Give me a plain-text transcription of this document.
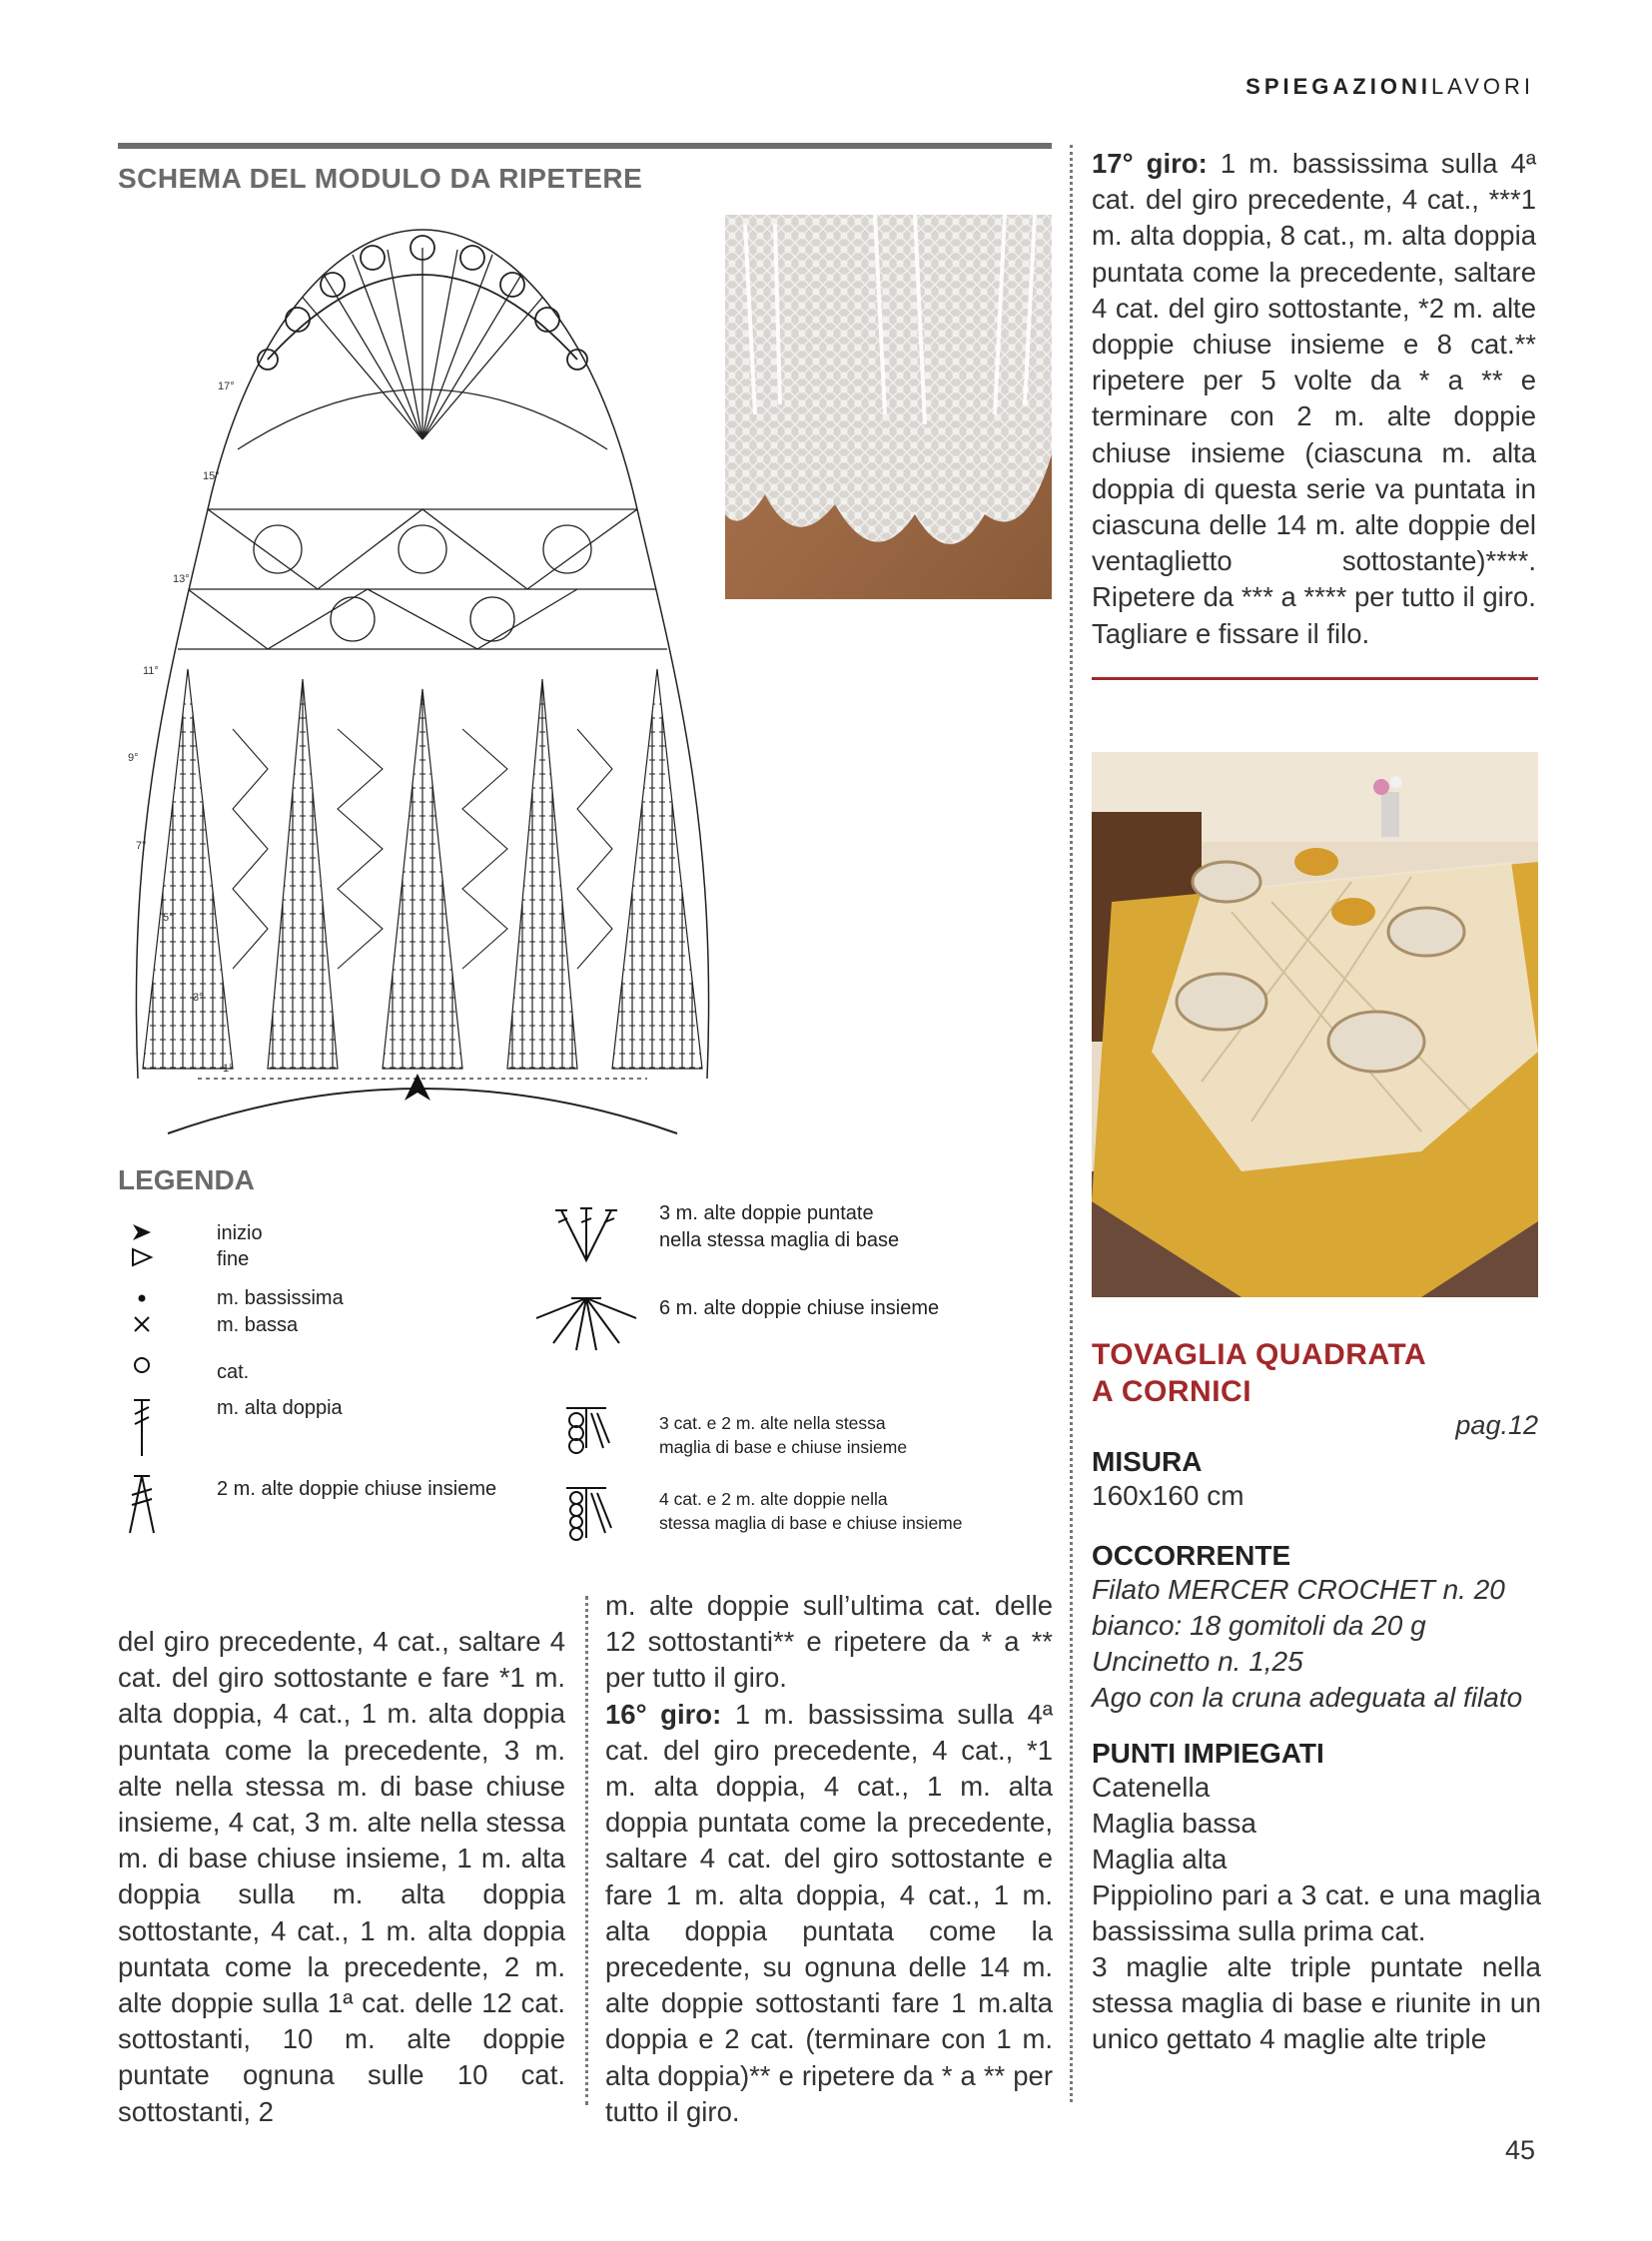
SPIEGAZIONILAVORI
SCHEMA DEL MODULO DA RIPETERE
17°
15°
13°
11°
9°
7°
5°
3°
1°
17° giro: 1 m. bassissima sulla 4ª cat. del giro precedente, 4 cat., ***1 m. alta doppia, 8 cat., m. alta doppia puntata come la precedente, saltare 4 cat. del giro sottostante, *2 m. alte doppie chiuse insieme e 8 cat.** ripetere per 5 volte da * a ** e terminare con 2 m. alte doppie chiuse insieme (ciascuna m. alta doppia di questa serie va puntata in ciascuna delle 14 m. alte doppie del ventaglietto sottostante)****. Ripetere da *** a **** per tutto il giro.
Tagliare e fissare il filo.
TOVAGLIA QUADRATA
A CORNICI
pag.12
MISURA
160x160 cm
OCCORRENTE
Filato MERCER CROCHET n. 20
bianco: 18 gomitoli da 20 g
Uncinetto n. 1,25
Ago con la cruna adeguata al filato
PUNTI IMPIEGATI
Catenella
Maglia bassa
Maglia alta
Pippiolino pari a 3 cat. e una maglia bassissima sulla prima cat.
3 maglie alte triple puntate nella stessa maglia di base e riunite in un unico gettato 4 maglie alte triple
LEGENDA
inizio
fine
m. bassissima
m. bassa
cat.
m. alta doppia
2 m. alte doppie chiuse insieme
3 m. alte doppie puntate
nella stessa maglia di base
6 m. alte doppie chiuse insieme
3 cat. e 2 m. alte nella stessa
maglia di base e chiuse insieme
4 cat. e 2 m. alte doppie nella
stessa maglia di base e chiuse insieme
del giro precedente, 4 cat., saltare 4 cat. del giro sottostante e fare *1 m. alta doppia, 4 cat., 1 m. alta doppia puntata come la precedente, 3 m. alte nella stessa m. di base chiuse insieme, 4 cat, 3 m. alte nella stessa m. di base chiuse insieme, 1 m. alta doppia sulla m. alta doppia sottostante, 4 cat., 1 m. alta doppia puntata come la precedente, 2 m. alte doppie sulla 1ª cat. delle 12 cat. sottostanti, 10 m. alte doppie puntate ognuna sulle 10 cat. sottostanti, 2
m. alte doppie sull’ultima cat. delle 12 sottostanti** e ripetere da * a ** per tutto il giro.
16° giro: 1 m. bassissima sulla 4ª cat. del giro precedente, 4 cat., *1 m. alta doppia, 4 cat., 1 m. alta doppia puntata come la precedente, saltare 4 cat. del giro sottostante e fare 1 m. alta doppia, 4 cat., 1 m. alta doppia puntata come la precedente, su ognuna delle 14 m. alte doppie sottostanti fare 1 m.alta doppia e 2 cat. (terminare con 1 m. alta doppia)** e ripetere da * a ** per tutto il giro.
45
